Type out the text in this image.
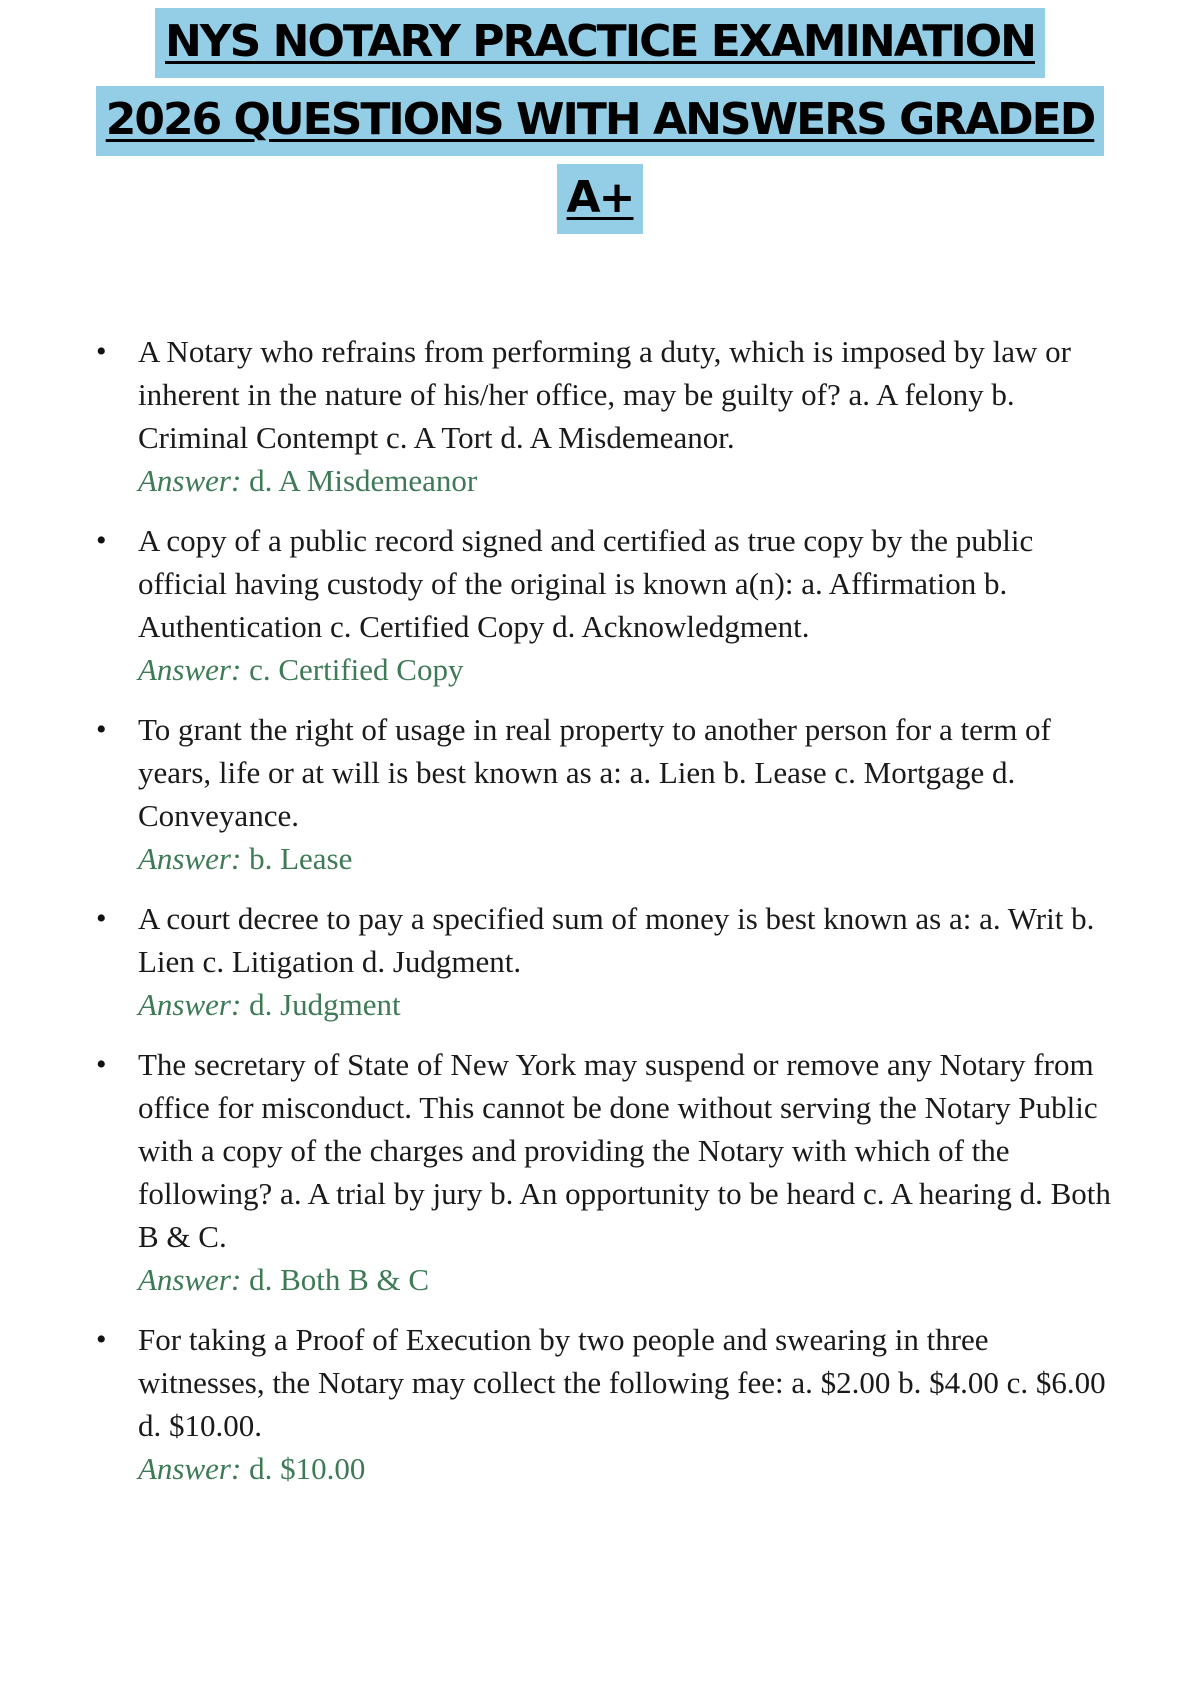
NYS NOTARY PRACTICE EXAMINATION
2026 QUESTIONS WITH ANSWERS GRADED
A+
• A Notary who refrains from performing a duty, which is imposed by law or inherent in the nature of his/her office, may be guilty of? a. A felony b. Criminal Contempt c. A Tort d. A Misdemeanor.
Answer: d. A Misdemeanor
• A copy of a public record signed and certified as true copy by the public official having custody of the original is known a(n): a. Affirmation b. Authentication c. Certified Copy d. Acknowledgment.
Answer: c. Certified Copy
• To grant the right of usage in real property to another person for a term of years, life or at will is best known as a: a. Lien b. Lease c. Mortgage d. Conveyance.
Answer: b. Lease
• A court decree to pay a specified sum of money is best known as a: a. Writ b. Lien c. Litigation d. Judgment.
Answer: d. Judgment
• The secretary of State of New York may suspend or remove any Notary from office for misconduct. This cannot be done without serving the Notary Public with a copy of the charges and providing the Notary with which of the following? a. A trial by jury b. An opportunity to be heard c. A hearing d. Both B & C.
Answer: d. Both B & C
• For taking a Proof of Execution by two people and swearing in three witnesses, the Notary may collect the following fee: a. $2.00 b. $4.00 c. $6.00 d. $10.00.
Answer: d. $10.00
